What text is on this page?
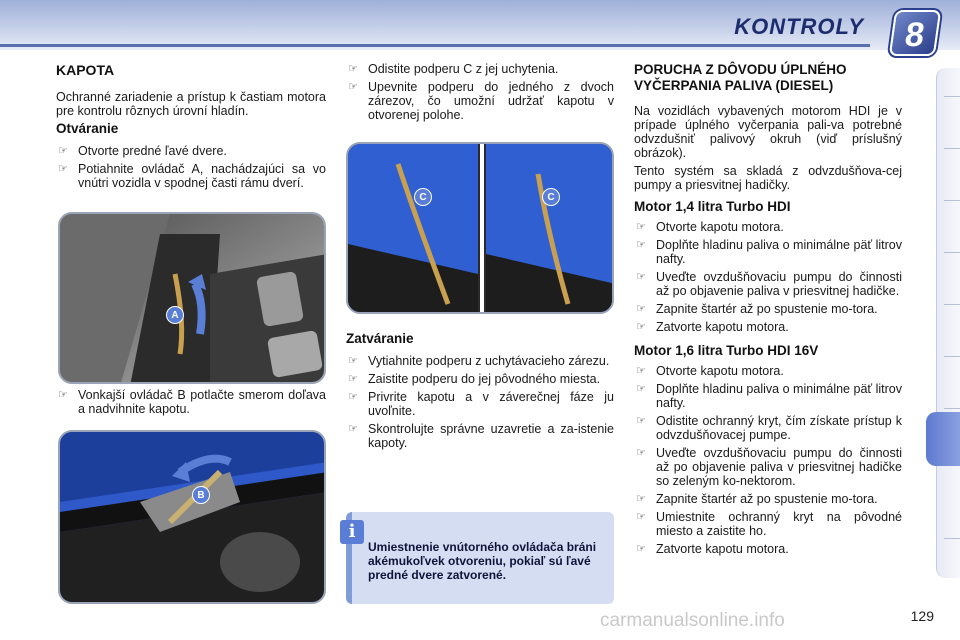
KONTROLY	8
KAPOTA
Ochranné zariadenie a prístup k častiam motora pre kontrolu rôznych úrovní hladín.
Otváranie
☞ Otvorte predné ľavé dvere.
☞ Potiahnite ovládač A, nachádzajúci sa vo vnútri vozidla v spodnej časti rámu dverí.
A
☞ Vonkajší ovládač B potlačte smerom doľava a nadvihnite kapotu.
B
☞ Odistite podperu C z jej uchytenia.
☞ Upevnite podperu do jedného z dvoch zárezov, čo umožní udržať kapotu v otvorenej polohe.
C	C
Zatváranie
☞ Vytiahnite podperu z uchytávacieho zárezu.
☞ Zaistite podperu do jej pôvodného miesta.
☞ Privrite kapotu a v záverečnej fáze ju uvoľnite.
☞ Skontrolujte správne uzavretie a za-istenie kapoty.
i
Umiestnenie vnútorného ovládača bráni akémukoľvek otvoreniu, pokiaľ sú ľavé predné dvere zatvorené.
PORUCHA Z DÔVODU ÚPLNÉHO VYČERPANIA PALIVA (DIESEL)
Na vozidlách vybavených motorom HDI je v prípade úplného vyčerpania pali-va potrebné odvzdušniť palivový okruh (viď príslušný obrázok).
Tento systém sa skladá z odvzdušňova-cej pumpy a priesvitnej hadičky.
Motor 1,4 litra Turbo HDI
☞ Otvorte kapotu motora.
☞ Doplňte hladinu paliva o minimálne päť litrov nafty.
☞ Uveďte ovzdušňovaciu pumpu do činnosti až po objavenie paliva v priesvitnej hadičke.
☞ Zapnite štartér až po spustenie mo-tora.
☞ Zatvorte kapotu motora.
Motor 1,6 litra Turbo HDI 16V
☞ Otvorte kapotu motora.
☞ Doplňte hladinu paliva o minimálne päť litrov nafty.
☞ Odistite ochranný kryt, čím získate prístup k odvzdušňovacej pumpe.
☞ Uveďte ovzdušňovaciu pumpu do činnosti až po objavenie paliva v priesvitnej hadičke so zeleným ko-nektorom.
☞ Zapnite štartér až po spustenie mo-tora.
☞ Umiestnite ochranný kryt na pôvodné miesto a zaistite ho.
☞ Zatvorte kapotu motora.
carmanualsonline.info	129
